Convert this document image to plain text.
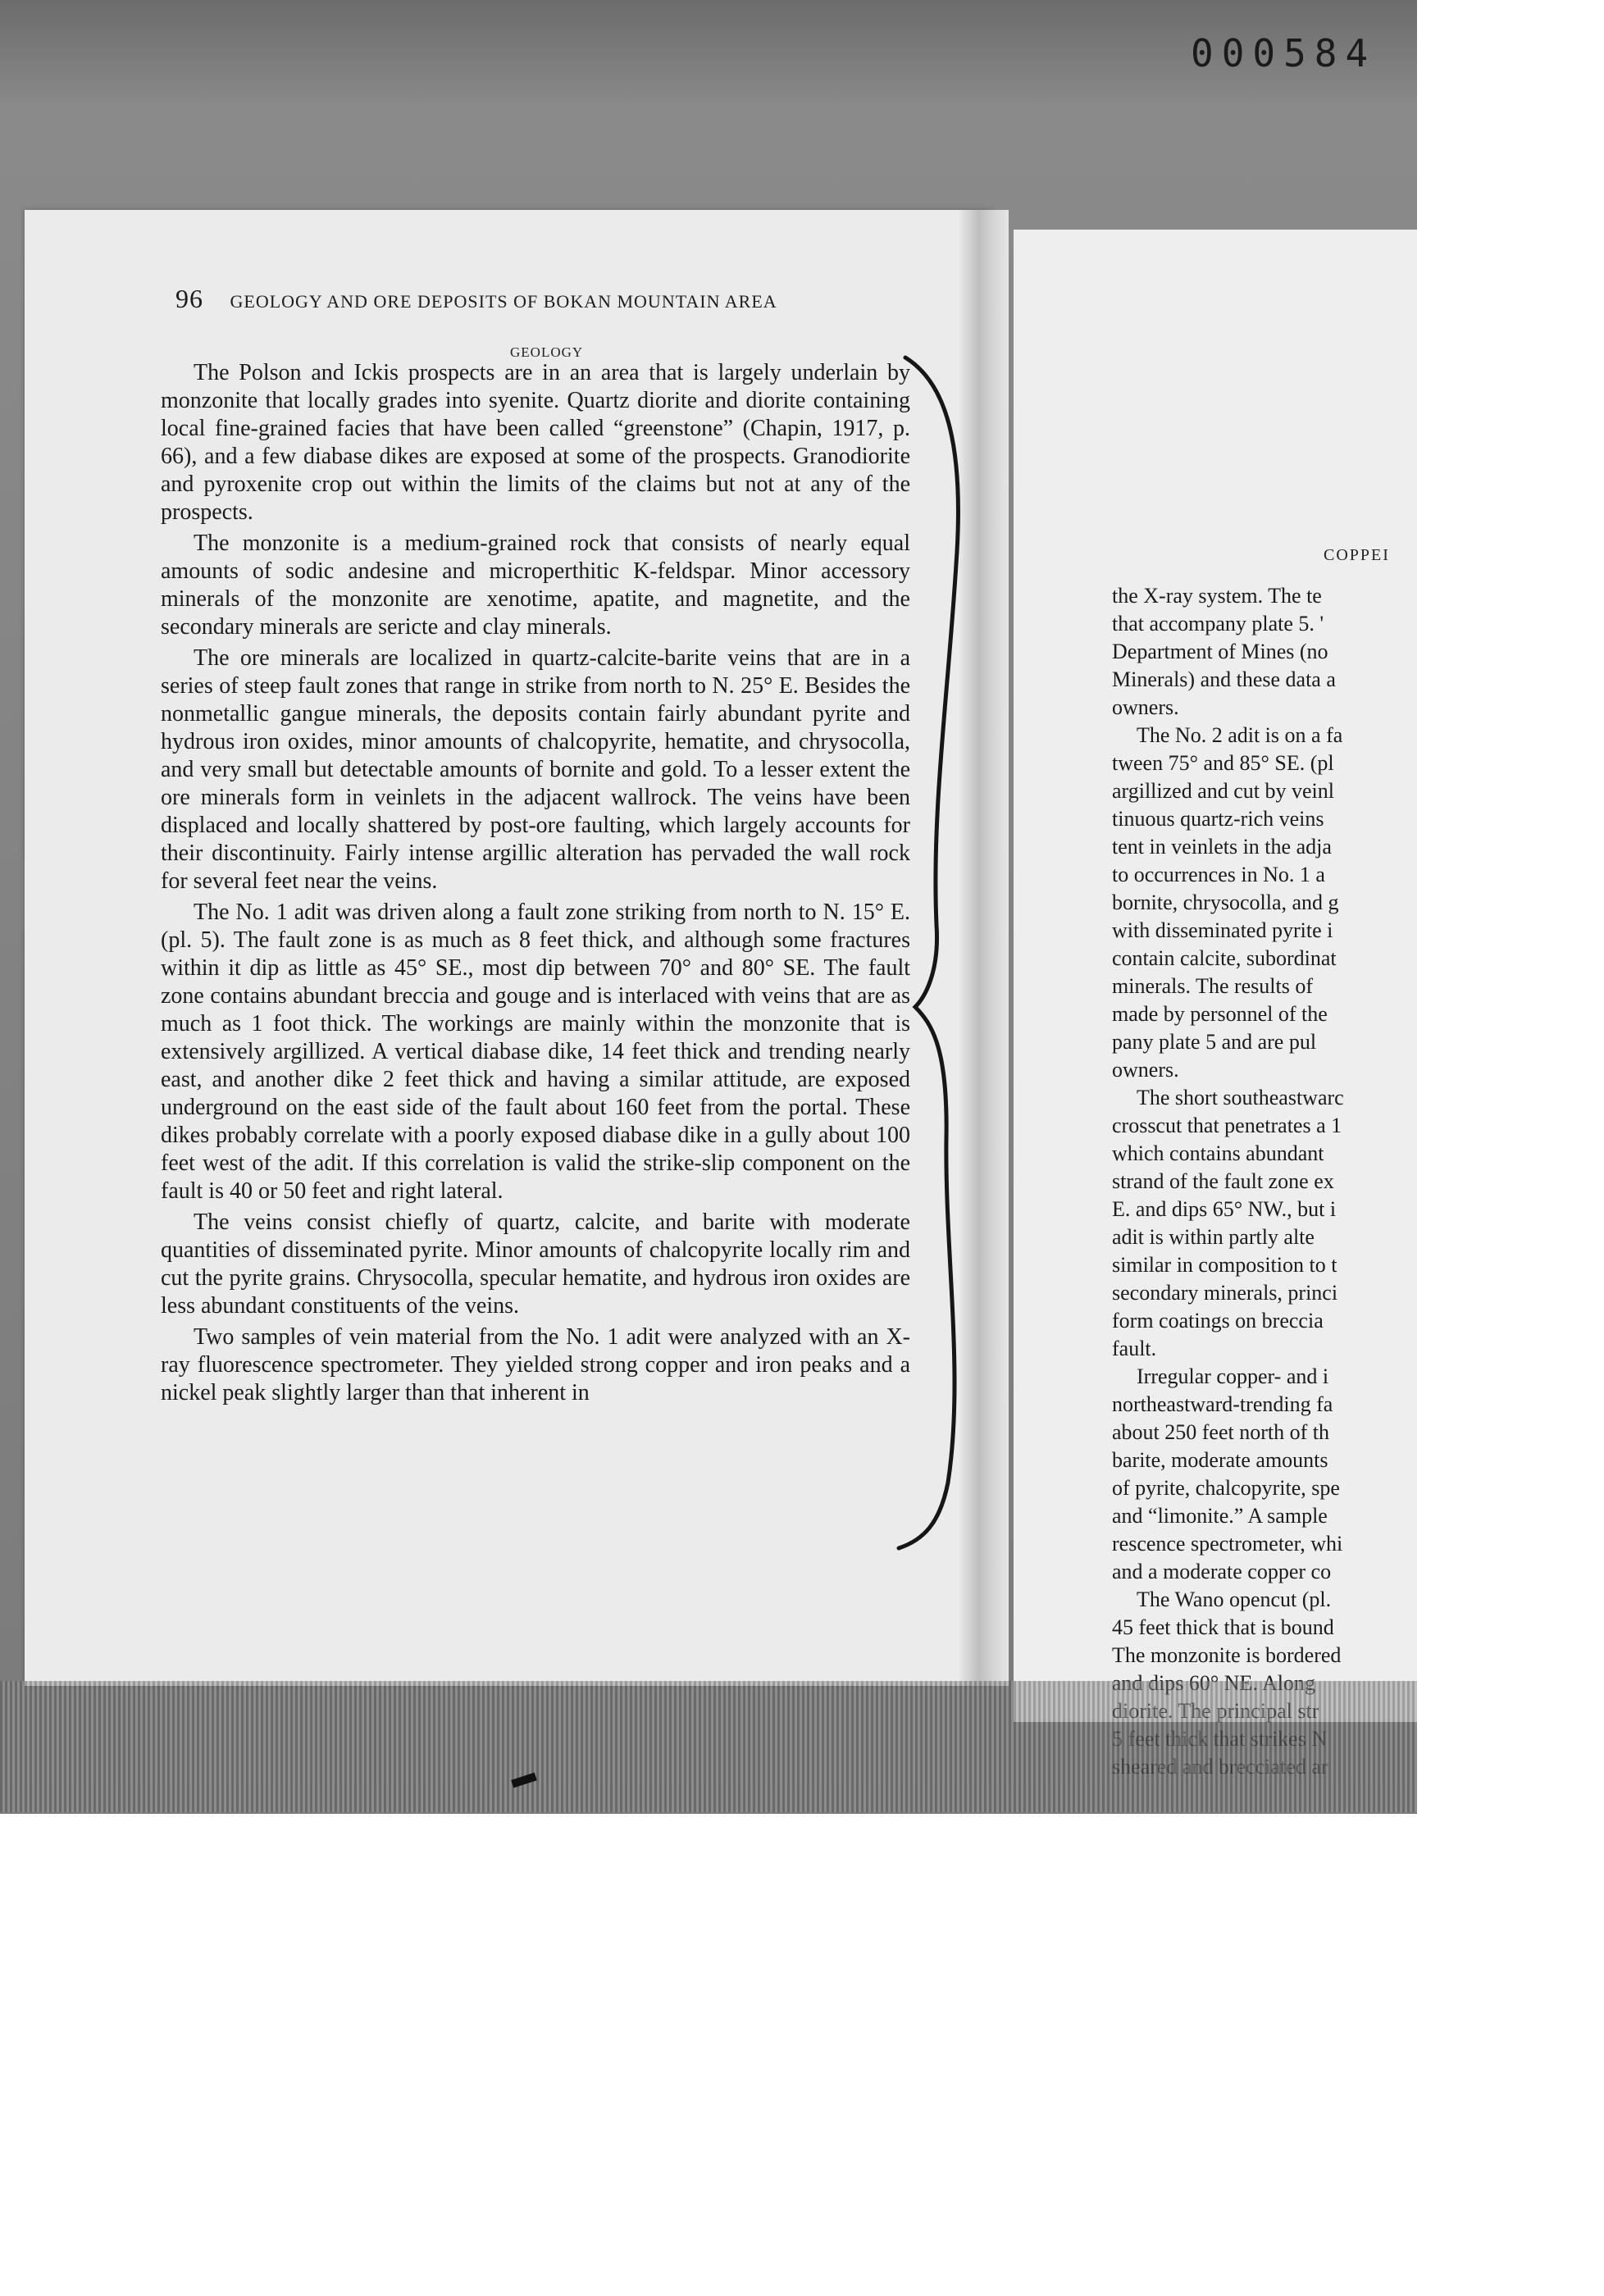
000584
COPPEI
the X-ray system. The te
that accompany plate 5. '
Department of Mines (no
Minerals) and these data a
owners.
The No. 2 adit is on a fa
tween 75° and 85° SE. (pl
argillized and cut by veinl
tinuous quartz-rich veins
tent in veinlets in the adja
to occurrences in No. 1 a
bornite, chrysocolla, and g
with disseminated pyrite i
contain calcite, subordinat
minerals. The results of
made by personnel of the
pany plate 5 and are pul
owners.
The short southeastwarc
crosscut that penetrates a 1
which contains abundant
strand of the fault zone ex
E. and dips 65° NW., but i
adit is within partly alte
similar in composition to t
secondary minerals, princi
form coatings on breccia
fault.
Irregular copper- and i
northeastward-trending fa
about 250 feet north of th
barite, moderate amounts
of pyrite, chalcopyrite, spe
and “limonite.” A sample
rescence spectrometer, whi
and a moderate copper co
The Wano opencut (pl.
45 feet thick that is bound
The monzonite is bordered
96 GEOLOGY AND ORE DEPOSITS OF BOKAN MOUNTAIN AREA
GEOLOGY

The Polson and Ickis prospects are in an area that is largely underlain by monzonite that locally grades into syenite. Quartz diorite and diorite containing local fine-grained facies that have been called “greenstone” (Chapin, 1917, p. 66), and a few diabase dikes are exposed at some of the prospects. Granodiorite and pyroxenite crop out within the limits of the claims but not at any of the prospects.

The monzonite is a medium-grained rock that consists of nearly equal amounts of sodic andesine and microperthitic K-feldspar. Minor accessory minerals of the monzonite are xenotime, apatite, and magnetite, and the secondary minerals are sericte and clay minerals.

The ore minerals are localized in quartz-calcite-barite veins that are in a series of steep fault zones that range in strike from north to N. 25° E. Besides the nonmetallic gangue minerals, the deposits contain fairly abundant pyrite and hydrous iron oxides, minor amounts of chalcopyrite, hematite, and chrysocolla, and very small but detectable amounts of bornite and gold. To a lesser extent the ore minerals form in veinlets in the adjacent wallrock. The veins have been displaced and locally shattered by post-ore faulting, which largely accounts for their discontinuity. Fairly intense argillic alteration has pervaded the wall rock for several feet near the veins.

The No. 1 adit was driven along a fault zone striking from north to N. 15° E. (pl. 5). The fault zone is as much as 8 feet thick, and although some fractures within it dip as little as 45° SE., most dip between 70° and 80° SE. The fault zone contains abundant breccia and gouge and is interlaced with veins that are as much as 1 foot thick. The workings are mainly within the monzonite that is extensively argillized. A vertical diabase dike, 14 feet thick and trending nearly east, and another dike 2 feet thick and having a similar attitude, are exposed underground on the east side of the fault about 160 feet from the portal. These dikes probably correlate with a poorly exposed diabase dike in a gully about 100 feet west of the adit. If this correlation is valid the strike-slip component on the fault is 40 or 50 feet and right lateral.

The veins consist chiefly of quartz, calcite, and barite with moderate quantities of disseminated pyrite. Minor amounts of chalcopyrite locally rim and cut the pyrite grains. Chrysocolla, specular hematite, and hydrous iron oxides are less abundant constituents of the veins.

Two samples of vein material from the No. 1 adit were analyzed with an X-ray fluorescence spectrometer. They yielded strong copper and iron peaks and a nickel peak slightly larger than that inherent in
